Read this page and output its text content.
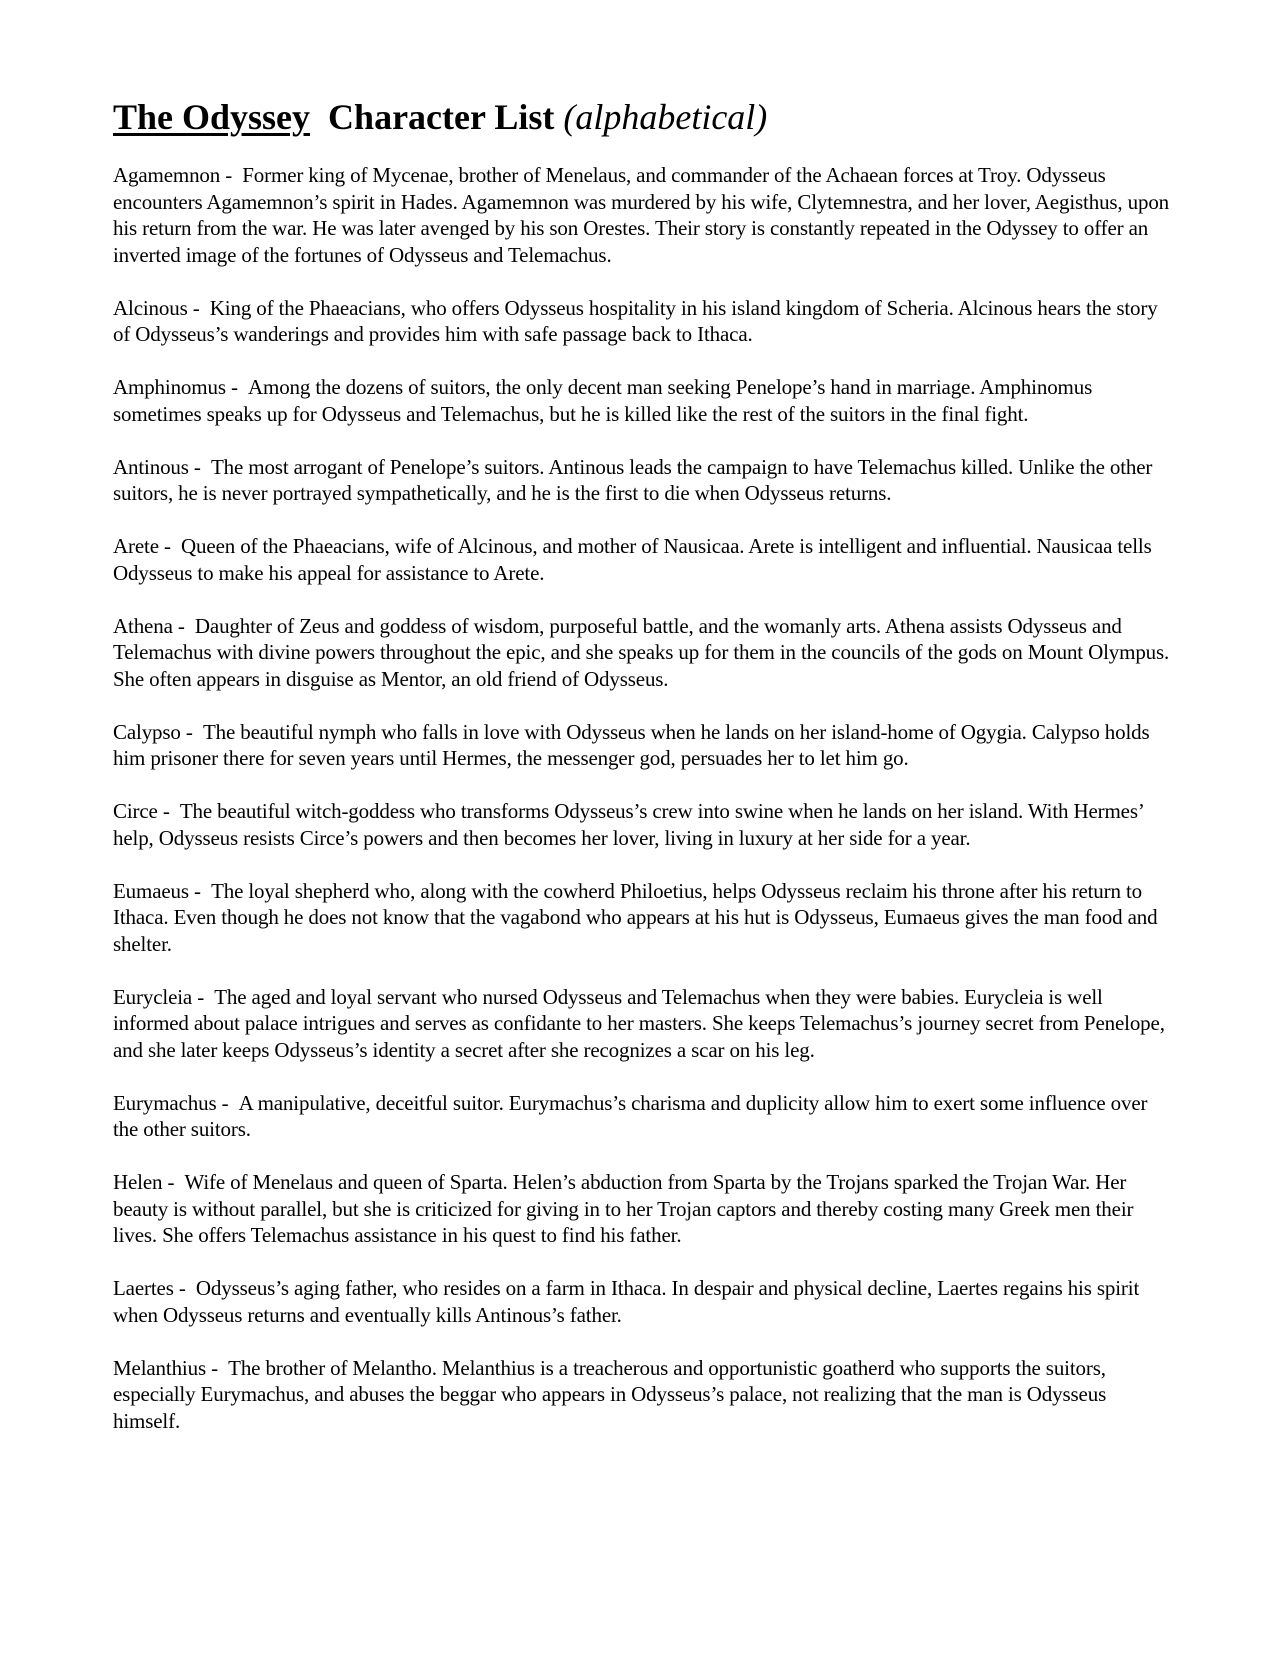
The Odyssey Character List (alphabetical)

Agamemnon - Former king of Mycenae, brother of Menelaus, and commander of the Achaean forces at Troy. Odysseus encounters Agamemnon’s spirit in Hades. Agamemnon was murdered by his wife, Clytemnestra, and her lover, Aegisthus, upon his return from the war. He was later avenged by his son Orestes. Their story is constantly repeated in the Odyssey to offer an inverted image of the fortunes of Odysseus and Telemachus.

Alcinous - King of the Phaeacians, who offers Odysseus hospitality in his island kingdom of Scheria. Alcinous hears the story of Odysseus’s wanderings and provides him with safe passage back to Ithaca.

Amphinomus - Among the dozens of suitors, the only decent man seeking Penelope’s hand in marriage. Amphinomus sometimes speaks up for Odysseus and Telemachus, but he is killed like the rest of the suitors in the final fight.

Antinous - The most arrogant of Penelope’s suitors. Antinous leads the campaign to have Telemachus killed. Unlike the other suitors, he is never portrayed sympathetically, and he is the first to die when Odysseus returns.

Arete - Queen of the Phaeacians, wife of Alcinous, and mother of Nausicaa. Arete is intelligent and influential. Nausicaa tells Odysseus to make his appeal for assistance to Arete.

Athena - Daughter of Zeus and goddess of wisdom, purposeful battle, and the womanly arts. Athena assists Odysseus and Telemachus with divine powers throughout the epic, and she speaks up for them in the councils of the gods on Mount Olympus. She often appears in disguise as Mentor, an old friend of Odysseus.

Calypso - The beautiful nymph who falls in love with Odysseus when he lands on her island-home of Ogygia. Calypso holds him prisoner there for seven years until Hermes, the messenger god, persuades her to let him go.

Circe - The beautiful witch-goddess who transforms Odysseus’s crew into swine when he lands on her island. With Hermes’ help, Odysseus resists Circe’s powers and then becomes her lover, living in luxury at her side for a year.

Eumaeus - The loyal shepherd who, along with the cowherd Philoetius, helps Odysseus reclaim his throne after his return to Ithaca. Even though he does not know that the vagabond who appears at his hut is Odysseus, Eumaeus gives the man food and shelter.

Eurycleia - The aged and loyal servant who nursed Odysseus and Telemachus when they were babies. Eurycleia is well informed about palace intrigues and serves as confidante to her masters. She keeps Telemachus’s journey secret from Penelope, and she later keeps Odysseus’s identity a secret after she recognizes a scar on his leg.

Eurymachus - A manipulative, deceitful suitor. Eurymachus’s charisma and duplicity allow him to exert some influence over the other suitors.

Helen - Wife of Menelaus and queen of Sparta. Helen’s abduction from Sparta by the Trojans sparked the Trojan War. Her beauty is without parallel, but she is criticized for giving in to her Trojan captors and thereby costing many Greek men their lives. She offers Telemachus assistance in his quest to find his father.

Laertes - Odysseus’s aging father, who resides on a farm in Ithaca. In despair and physical decline, Laertes regains his spirit when Odysseus returns and eventually kills Antinous’s father.

Melanthius - The brother of Melantho. Melanthius is a treacherous and opportunistic goatherd who supports the suitors, especially Eurymachus, and abuses the beggar who appears in Odysseus’s palace, not realizing that the man is Odysseus himself.
